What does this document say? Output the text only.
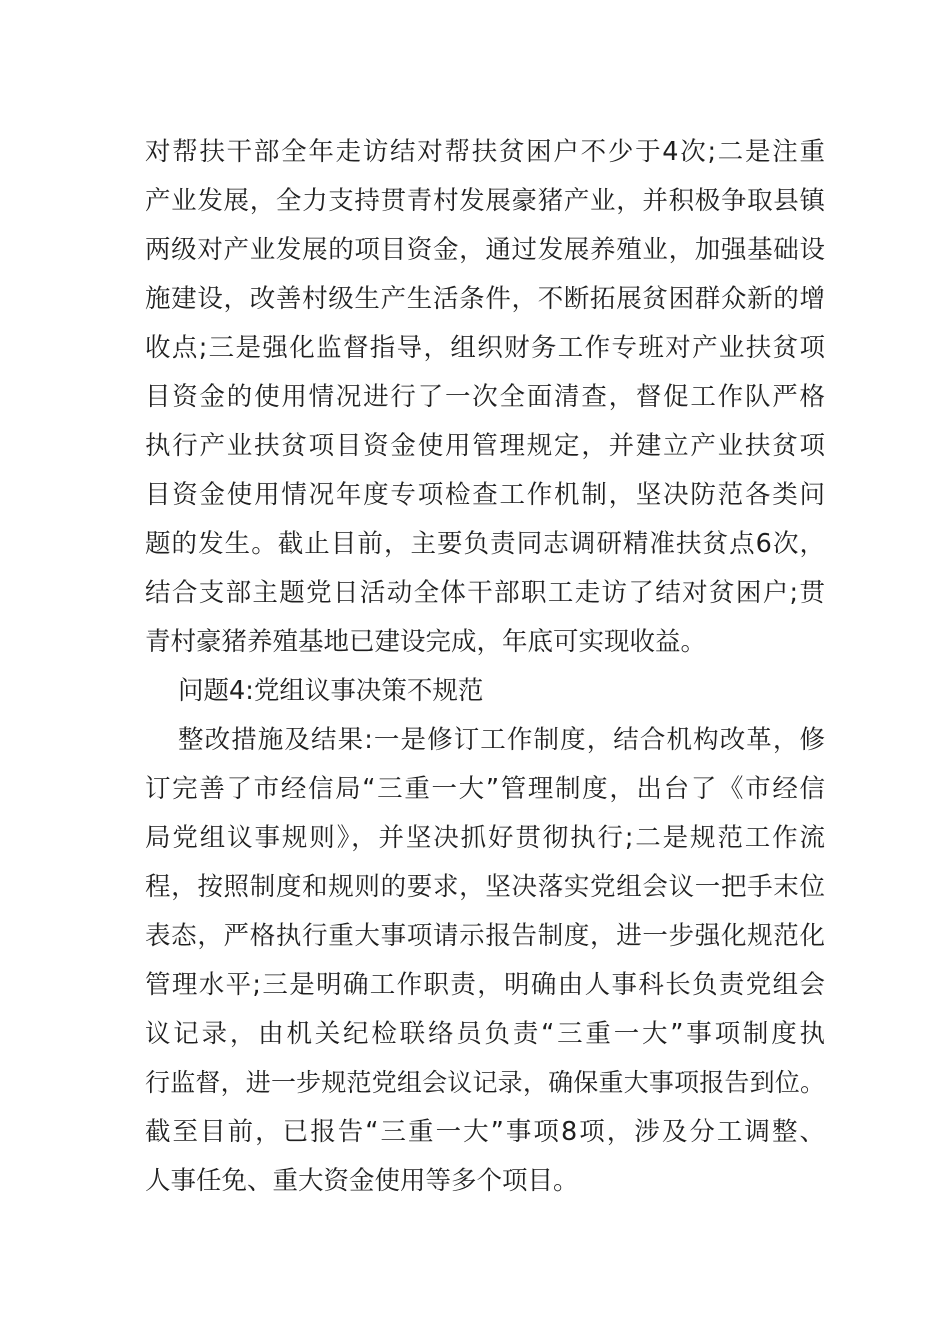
对帮扶干部全年走访结对帮扶贫困户不少于4次;二是注重
产业发展，全力支持贯青村发展豪猪产业，并积极争取县镇
两级对产业发展的项目资金，通过发展养殖业，加强基础设
施建设，改善村级生产生活条件，不断拓展贫困群众新的增
收点;三是强化监督指导，组织财务工作专班对产业扶贫项
目资金的使用情况进行了一次全面清查，督促工作队严格
执行产业扶贫项目资金使用管理规定，并建立产业扶贫项
目资金使用情况年度专项检查工作机制，坚决防范各类问
题的发生。截止目前，主要负责同志调研精准扶贫点6次，
结合支部主题党日活动全体干部职工走访了结对贫困户;贯
青村豪猪养殖基地已建设完成，年底可实现收益。
问题4:党组议事决策不规范
整改措施及结果:一是修订工作制度，结合机构改革，修
订完善了市经信局“三重一大”管理制度，出台了《市经信
局党组议事规则》，并坚决抓好贯彻执行;二是规范工作流
程，按照制度和规则的要求，坚决落实党组会议一把手末位
表态，严格执行重大事项请示报告制度，进一步强化规范化
管理水平;三是明确工作职责，明确由人事科长负责党组会
议记录，由机关纪检联络员负责“三重一大”事项制度执
行监督，进一步规范党组会议记录，确保重大事项报告到位。
截至目前，已报告“三重一大”事项8项，涉及分工调整、
人事任免、重大资金使用等多个项目。
